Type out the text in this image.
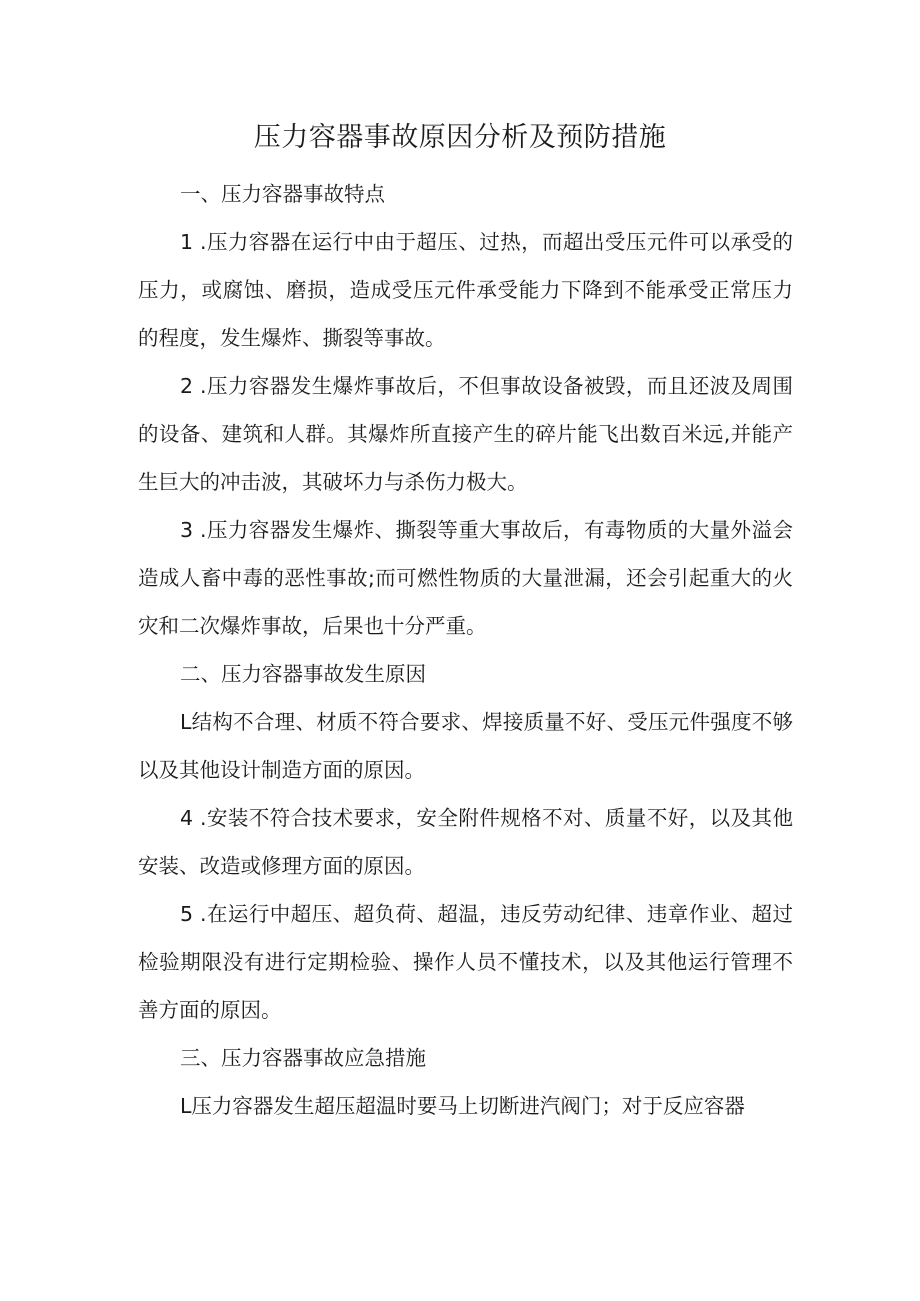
压力容器事故原因分析及预防措施

一、压力容器事故特点

1 .压力容器在运行中由于超压、过热，而超出受压元件可以承受的压力，或腐蚀、磨损，造成受压元件承受能力下降到不能承受正常压力的程度，发生爆炸、撕裂等事故。

2 .压力容器发生爆炸事故后，不但事故设备被毁，而且还波及周围的设备、建筑和人群。其爆炸所直接产生的碎片能飞出数百米远,并能产生巨大的冲击波，其破坏力与杀伤力极大。

3 .压力容器发生爆炸、撕裂等重大事故后，有毒物质的大量外溢会造成人畜中毒的恶性事故;而可燃性物质的大量泄漏，还会引起重大的火灾和二次爆炸事故，后果也十分严重。

二、压力容器事故发生原因

L结构不合理、材质不符合要求、焊接质量不好、受压元件强度不够以及其他设计制造方面的原因。

4 .安装不符合技术要求，安全附件规格不对、质量不好，以及其他安装、改造或修理方面的原因。

5 .在运行中超压、超负荷、超温，违反劳动纪律、违章作业、超过检验期限没有进行定期检验、操作人员不懂技术，以及其他运行管理不善方面的原因。

三、压力容器事故应急措施

L压力容器发生超压超温时要马上切断进汽阀门；对于反应容器
